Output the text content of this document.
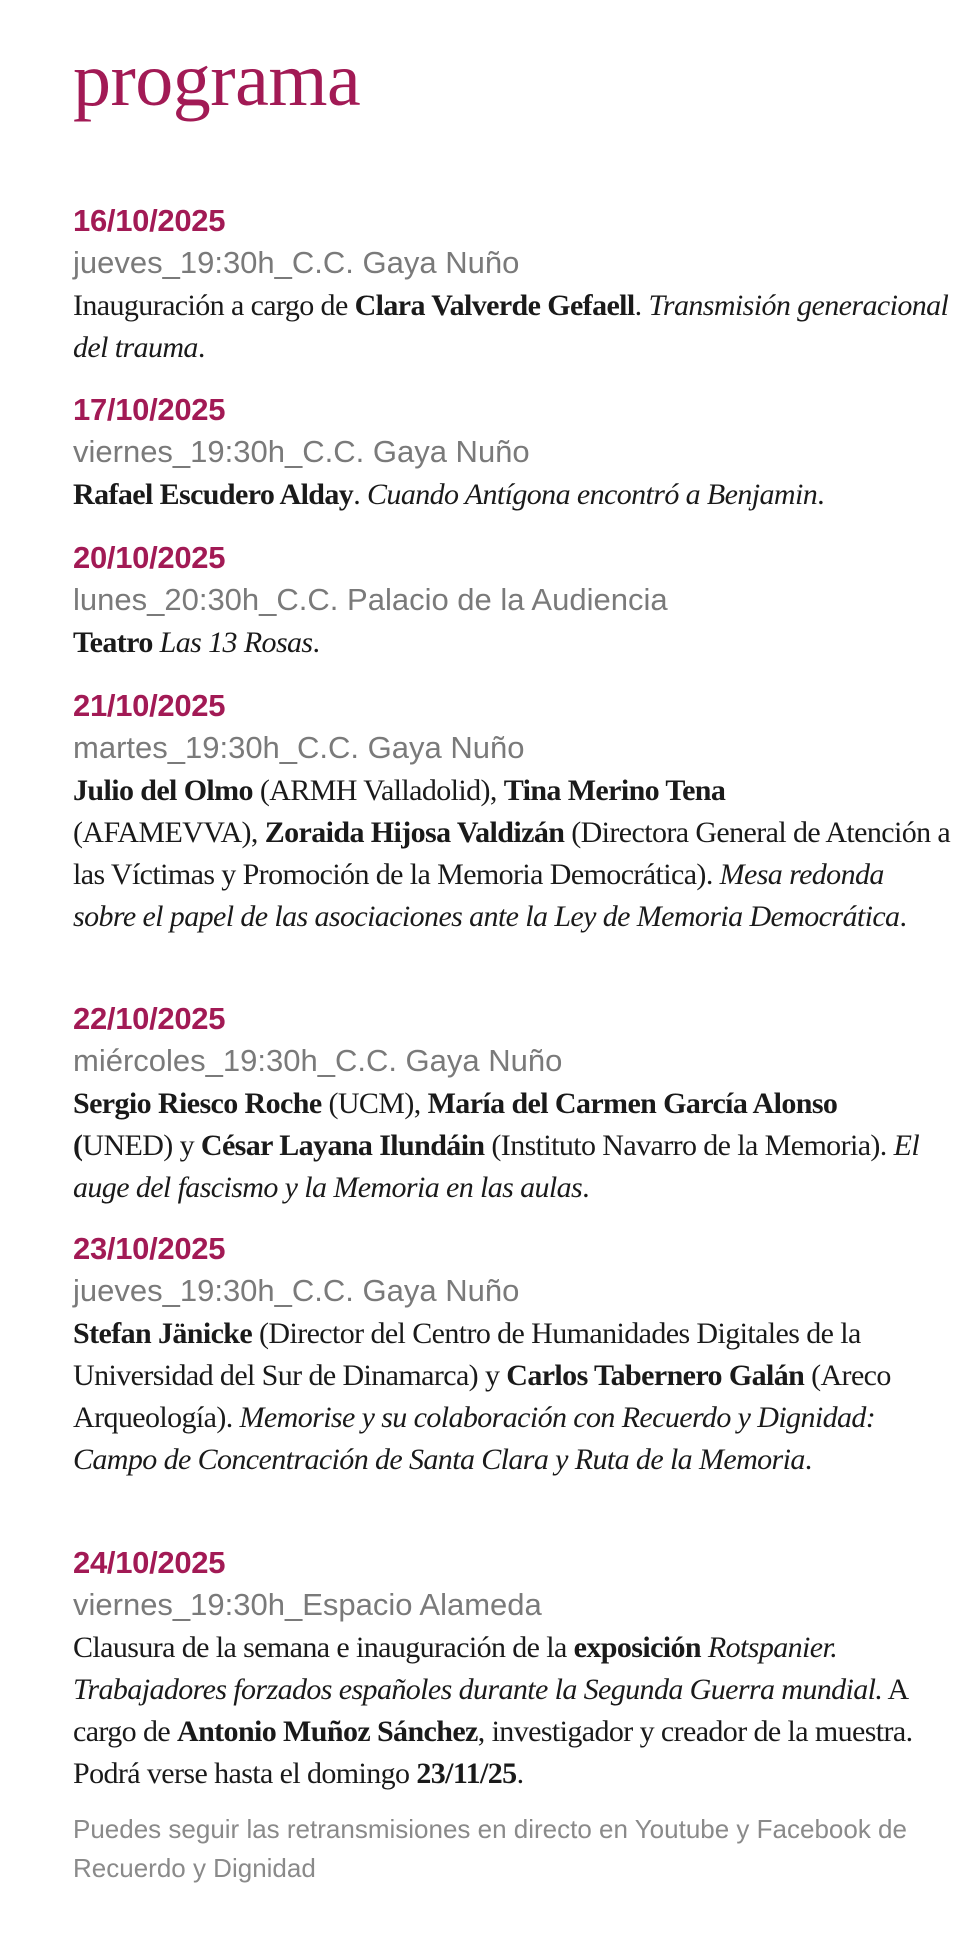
programa
16/10/2025
jueves_19:30h_C.C. Gaya Nuño
Inauguración a cargo de Clara Valverde Gefaell. Transmisión generacional del trauma.
17/10/2025
viernes_19:30h_C.C. Gaya Nuño
Rafael Escudero Alday. Cuando Antígona encontró a Benjamin.
20/10/2025
lunes_20:30h_C.C. Palacio de la Audiencia
Teatro Las 13 Rosas.
21/10/2025
martes_19:30h_C.C. Gaya Nuño
Julio del Olmo (ARMH Valladolid), Tina Merino Tena
(AFAMEVVA), Zoraida Hijosa Valdizán (Directora General de Atención a las Víctimas y Promoción de la Memoria Democrática). Mesa redonda sobre el papel de las asociaciones ante la Ley de Memoria Democrática.
22/10/2025
miércoles_19:30h_C.C. Gaya Nuño
Sergio Riesco Roche (UCM), María del Carmen García Alonso
(UNED) y César Layana Ilundáin (Instituto Navarro de la Memoria). El auge del fascismo y la Memoria en las aulas.
23/10/2025
jueves_19:30h_C.C. Gaya Nuño
Stefan Jänicke (Director del Centro de Humanidades Digitales de la Universidad del Sur de Dinamarca) y Carlos Tabernero Galán (Areco Arqueología). Memorise y su colaboración con Recuerdo y Dignidad: Campo de Concentración de Santa Clara y Ruta de la Memoria.
24/10/2025
viernes_19:30h_Espacio Alameda
Clausura de la semana e inauguración de la exposición Rotspanier. Trabajadores forzados españoles durante la Segunda Guerra mundial. A cargo de Antonio Muñoz Sánchez, investigador y creador de la muestra. Podrá verse hasta el domingo 23/11/25.
Puedes seguir las retransmisiones en directo en Youtube y Facebook de Recuerdo y Dignidad
